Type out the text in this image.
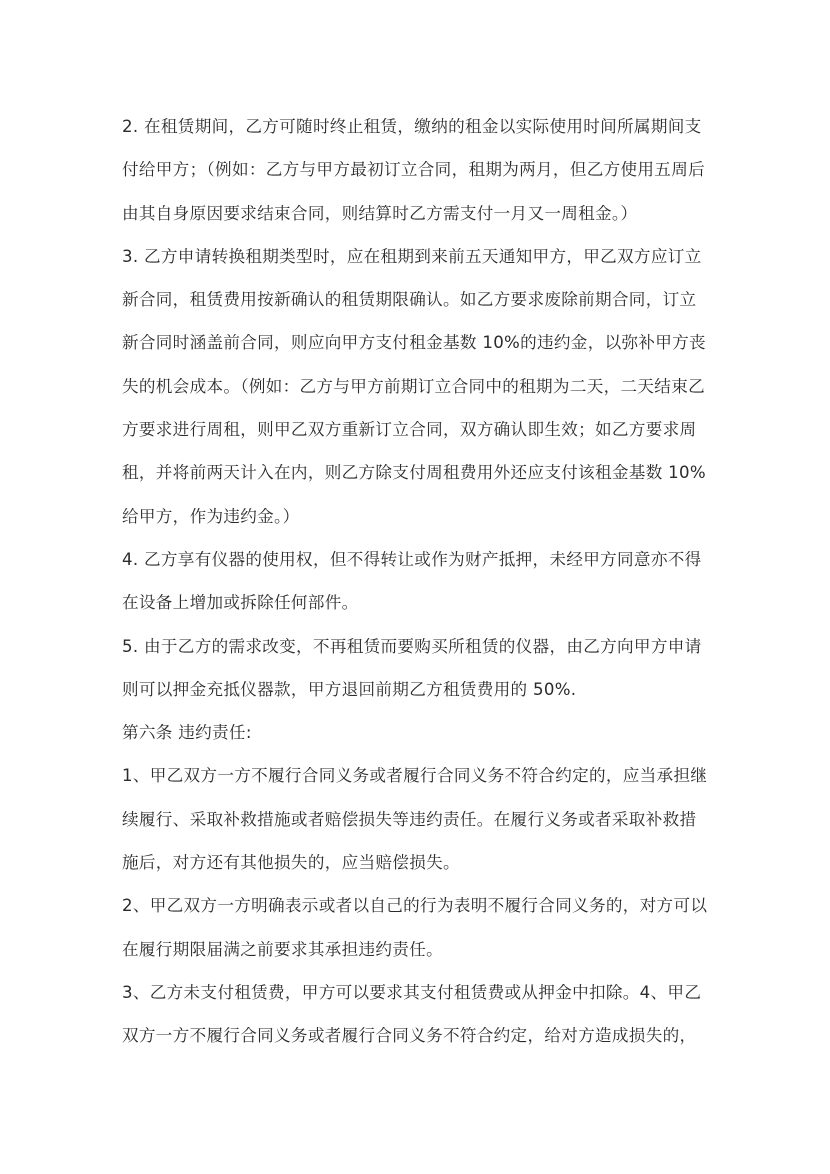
2. 在租赁期间，乙方可随时终止租赁，缴纳的租金以实际使用时间所属期间支
付给甲方；（例如：乙方与甲方最初订立合同，租期为两月，但乙方使用五周后
由其自身原因要求结束合同，则结算时乙方需支付一月又一周租金。）
3. 乙方申请转换租期类型时，应在租期到来前五天通知甲方，甲乙双方应订立
新合同，租赁费用按新确认的租赁期限确认。如乙方要求废除前期合同，订立
新合同时涵盖前合同，则应向甲方支付租金基数 10%的违约金，以弥补甲方丧
失的机会成本。（例如：乙方与甲方前期订立合同中的租期为二天，二天结束乙
方要求进行周租，则甲乙双方重新订立合同，双方确认即生效；如乙方要求周
租，并将前两天计入在内，则乙方除支付周租费用外还应支付该租金基数 10%
给甲方，作为违约金。）
4. 乙方享有仪器的使用权，但不得转让或作为财产抵押，未经甲方同意亦不得
在设备上增加或拆除任何部件。
5. 由于乙方的需求改变，不再租赁而要购买所租赁的仪器，由乙方向甲方申请
则可以押金充抵仪器款，甲方退回前期乙方租赁费用的 50%.
第六条 违约责任:
1、甲乙双方一方不履行合同义务或者履行合同义务不符合约定的，应当承担继
续履行、采取补救措施或者赔偿损失等违约责任。在履行义务或者采取补救措
施后，对方还有其他损失的，应当赔偿损失。
2、甲乙双方一方明确表示或者以自己的行为表明不履行合同义务的，对方可以
在履行期限届满之前要求其承担违约责任。
3、乙方未支付租赁费，甲方可以要求其支付租赁费或从押金中扣除。4、甲乙
双方一方不履行合同义务或者履行合同义务不符合约定，给对方造成损失的，
